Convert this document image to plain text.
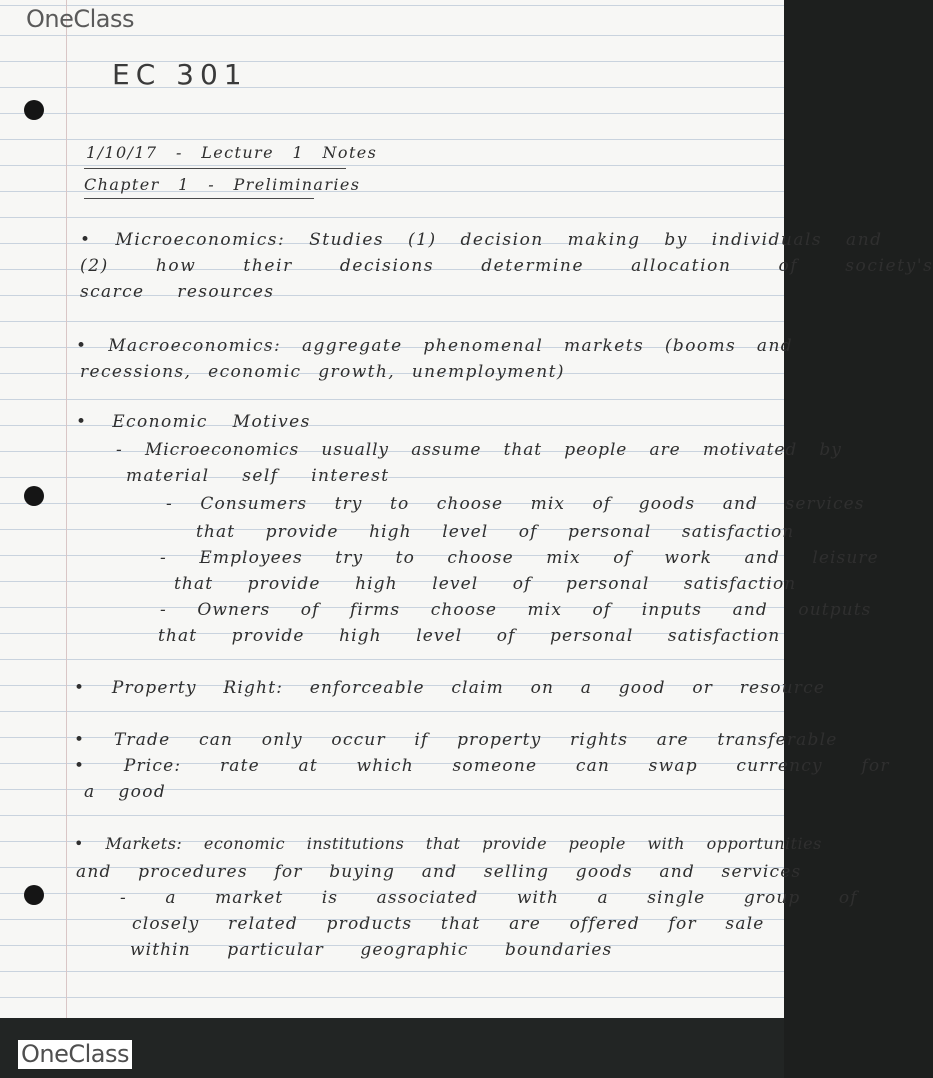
OneClass

EC 301

1/10/17 - Lecture 1 Notes

Chapter 1 - Preliminaries

• Microeconomics: Studies (1) decision making by individuals and

(2) how their decisions determine allocation of society's

scarce resources

• Macroeconomics: aggregate phenomenal markets (booms and

recessions, economic growth, unemployment)

• Economic Motives

- Microeconomics usually assume that people are motivated by

material self interest

- Consumers try to choose mix of goods and services

that provide high level of personal satisfaction

- Employees try to choose mix of work and leisure

that provide high level of personal satisfaction

- Owners of firms choose mix of inputs and outputs

that provide high level of personal satisfaction

• Property Right: enforceable claim on a good or resource

• Trade can only occur if property rights are transferable

• Price: rate at which someone can swap currency for

a good

• Markets: economic institutions that provide people with opportunities

and procedures for buying and selling goods and services

- a market is associated with a single group of

closely related products that are offered for sale

within particular geographic boundaries

OneClass
